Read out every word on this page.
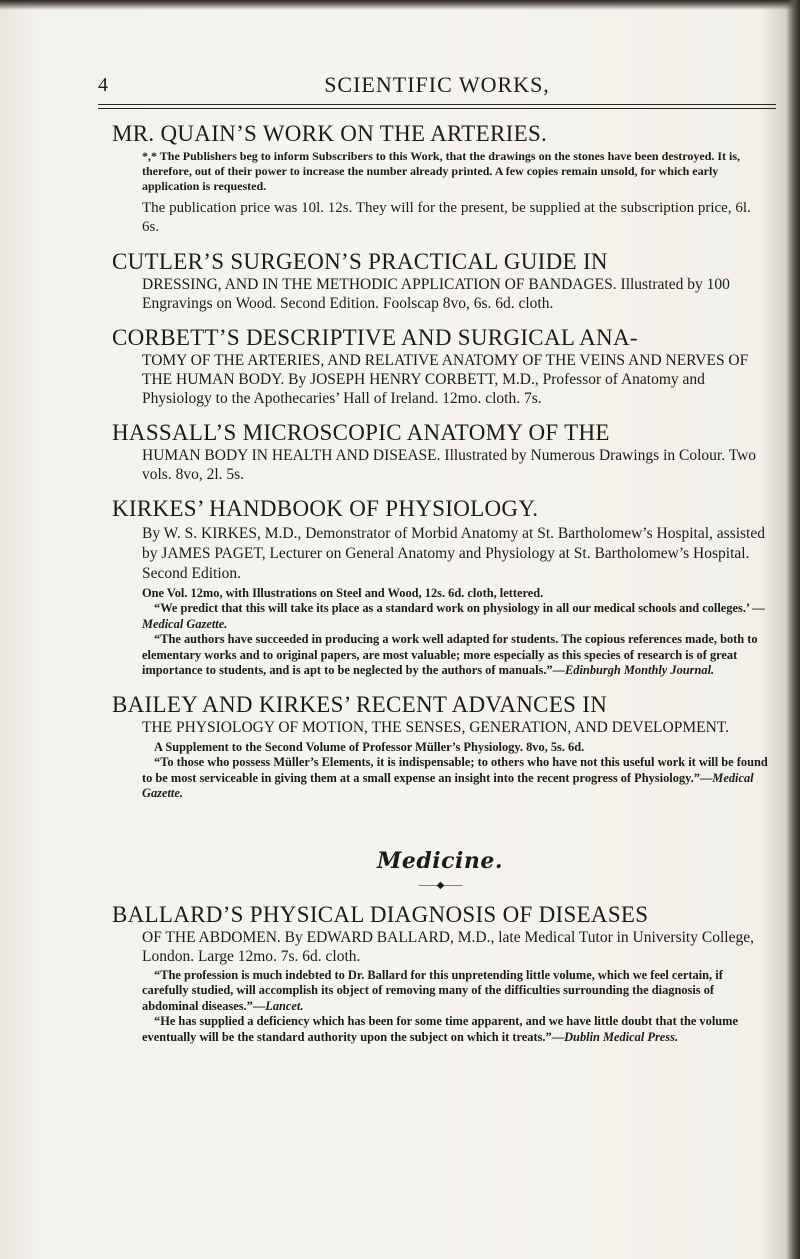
4	SCIENTIFIC WORKS,
MR. QUAIN’S WORK ON THE ARTERIES.

*,* The Publishers beg to inform Subscribers to this Work, that the drawings on the stones have been destroyed. It is, therefore, out of their power to increase the number already printed. A few copies remain unsold, for which early application is requested.

The publication price was 10l. 12s. They will for the present, be supplied at the subscription price, 6l. 6s.

CUTLER’S SURGEON’S PRACTICAL GUIDE IN

DRESSING, AND IN THE METHODIC APPLICATION OF BANDAGES. Illustrated by 100 Engravings on Wood. Second Edition. Foolscap 8vo, 6s. 6d. cloth.

CORBETT’S DESCRIPTIVE AND SURGICAL ANA-

TOMY OF THE ARTERIES, AND RELATIVE ANATOMY OF THE VEINS AND NERVES OF THE HUMAN BODY. By JOSEPH HENRY CORBETT, M.D., Professor of Anatomy and Physiology to the Apothecaries’ Hall of Ireland. 12mo. cloth. 7s.

HASSALL’S MICROSCOPIC ANATOMY OF THE

HUMAN BODY IN HEALTH AND DISEASE. Illustrated by Numerous Drawings in Colour. Two vols. 8vo, 2l. 5s.

KIRKES’ HANDBOOK OF PHYSIOLOGY.

By W. S. KIRKES, M.D., Demonstrator of Morbid Anatomy at St. Bartholomew’s Hospital, assisted by JAMES PAGET, Lecturer on General Anatomy and Physiology at St. Bartholomew’s Hospital. Second Edition.

One Vol. 12mo, with Illustrations on Steel and Wood, 12s. 6d. cloth, lettered.

“We predict that this will take its place as a standard work on physiology in all our medical schools and colleges.’ —Medical Gazette.

“The authors have succeeded in producing a work well adapted for students. The copious references made, both to elementary works and to original papers, are most valuable; more especially as this species of research is of great importance to students, and is apt to be neglected by the authors of manuals.”—Edinburgh Monthly Journal.

BAILEY AND KIRKES’ RECENT ADVANCES IN

THE PHYSIOLOGY OF MOTION, THE SENSES, GENERATION, AND DEVELOPMENT.

A Supplement to the Second Volume of Professor Müller’s Physiology. 8vo, 5s. 6d.

“To those who possess Müller’s Elements, it is indispensable; to others who have not this useful work it will be found to be most serviceable in giving them at a small expense an insight into the recent progress of Physiology.”—Medical Gazette.

Medicine.

——◆——

BALLARD’S PHYSICAL DIAGNOSIS OF DISEASES

OF THE ABDOMEN. By EDWARD BALLARD, M.D., late Medical Tutor in University College, London. Large 12mo. 7s. 6d. cloth.

“The profession is much indebted to Dr. Ballard for this unpretending little volume, which we feel certain, if carefully studied, will accomplish its object of removing many of the difficulties surrounding the diagnosis of abdominal diseases.”—Lancet.

“He has supplied a deficiency which has been for some time apparent, and we have little doubt that the volume eventually will be the standard authority upon the subject on which it treats.”—Dublin Medical Press.
